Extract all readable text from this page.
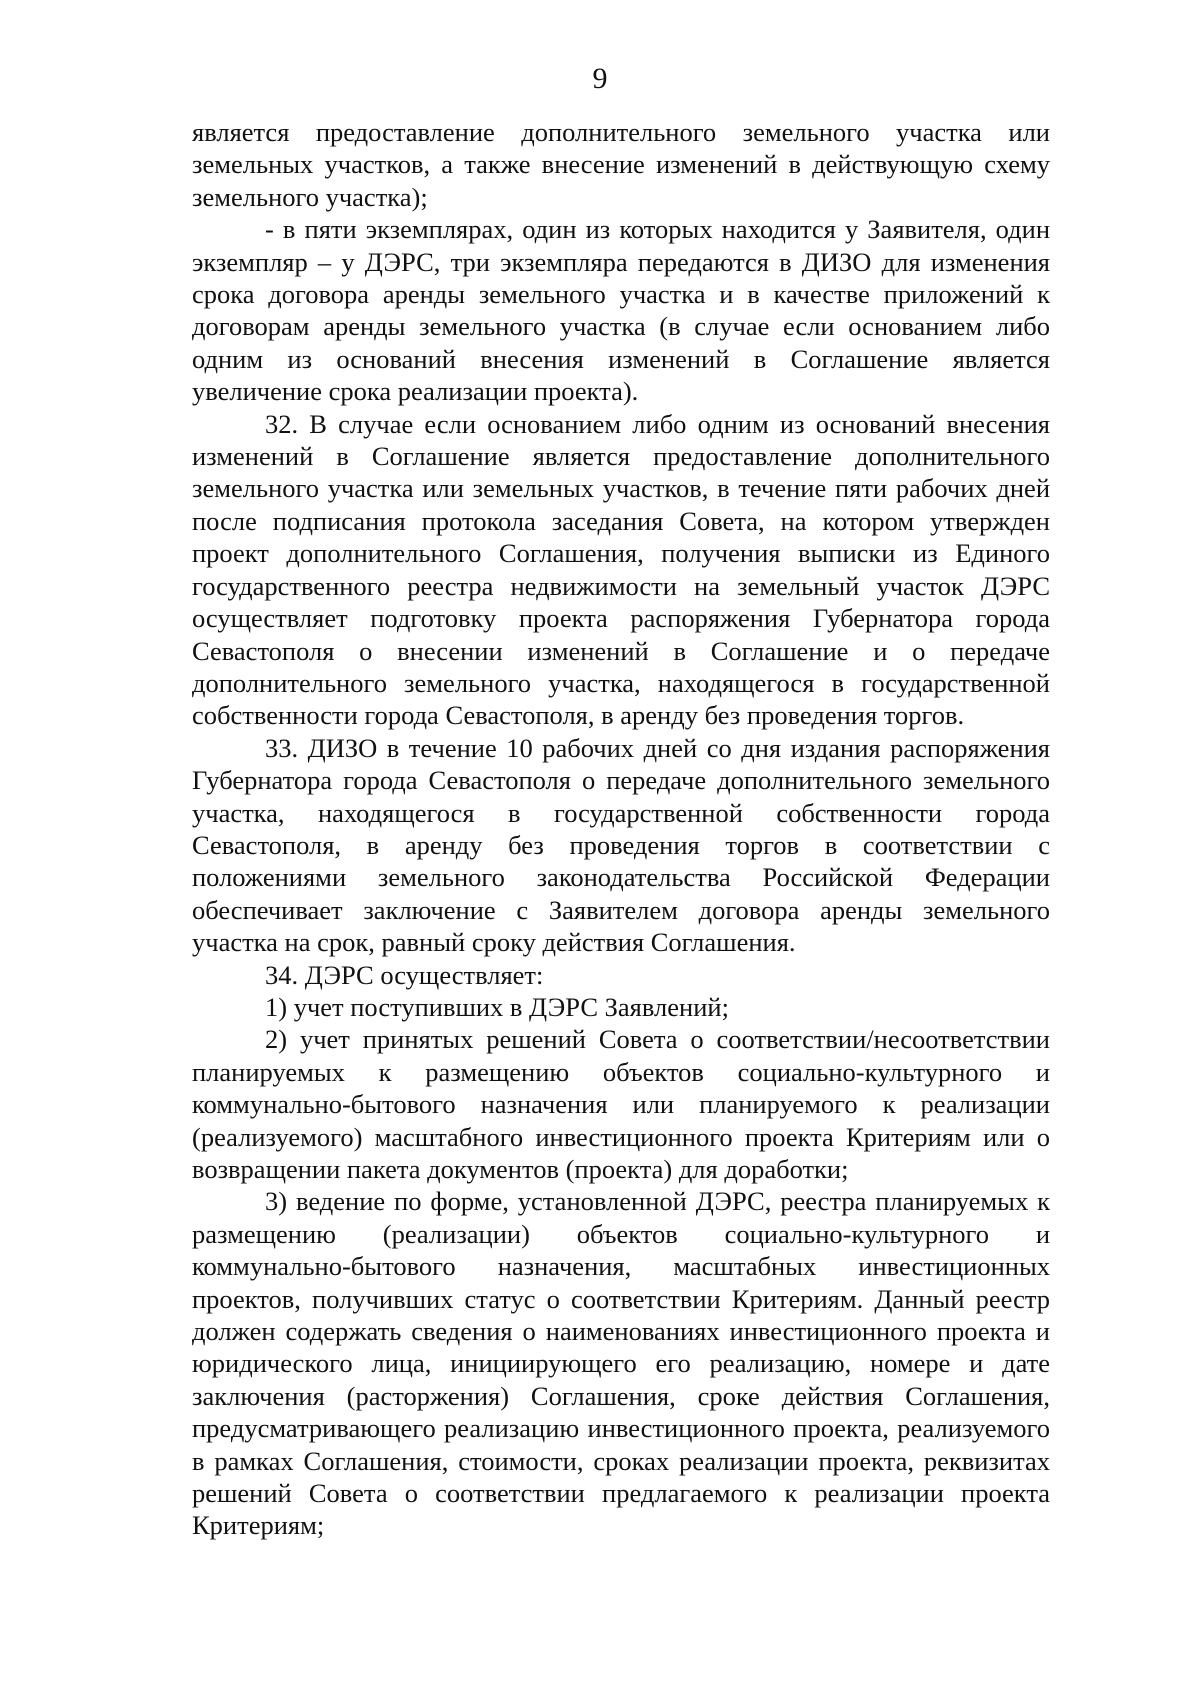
9

является предоставление дополнительного земельного участка или земельных участков, а также внесение изменений в действующую схему земельного участка);

- в пяти экземплярах, один из которых находится у Заявителя, один экземпляр – у ДЭРС, три экземпляра передаются в ДИЗО для изменения срока договора аренды земельного участка и в качестве приложений к договорам аренды земельного участка (в случае если основанием либо одним из оснований внесения изменений в Соглашение является увеличение срока реализации проекта).

32. В случае если основанием либо одним из оснований внесения изменений в Соглашение является предоставление дополнительного земельного участка или земельных участков, в течение пяти рабочих дней после подписания протокола заседания Совета, на котором утвержден проект дополнительного Соглашения, получения выписки из Единого государственного реестра недвижимости на земельный участок ДЭРС осуществляет подготовку проекта распоряжения Губернатора города Севастополя о внесении изменений в Соглашение и о передаче дополнительного земельного участка, находящегося в государственной собственности города Севастополя, в аренду без проведения торгов.

33. ДИЗО в течение 10 рабочих дней со дня издания распоряжения Губернатора города Севастополя о передаче дополнительного земельного участка, находящегося в государственной собственности города Севастополя, в аренду без проведения торгов в соответствии с положениями земельного законодательства Российской Федерации обеспечивает заключение с Заявителем договора аренды земельного участка на срок, равный сроку действия Соглашения.

34. ДЭРС осуществляет:

1) учет поступивших в ДЭРС Заявлений;

2) учет принятых решений Совета о соответствии/несоответствии планируемых к размещению объектов социально-культурного и коммунально-бытового назначения или планируемого к реализации (реализуемого) масштабного инвестиционного проекта Критериям или о возвращении пакета документов (проекта) для доработки;

3) ведение по форме, установленной ДЭРС, реестра планируемых к размещению (реализации) объектов социально-культурного и коммунально-бытового назначения, масштабных инвестиционных проектов, получивших статус о соответствии Критериям. Данный реестр должен содержать сведения о наименованиях инвестиционного проекта и юридического лица, инициирующего его реализацию, номере и дате заключения (расторжения) Соглашения, сроке действия Соглашения, предусматривающего реализацию инвестиционного проекта, реализуемого в рамках Соглашения, стоимости, сроках реализации проекта, реквизитах решений Совета о соответствии предлагаемого к реализации проекта Критериям;
